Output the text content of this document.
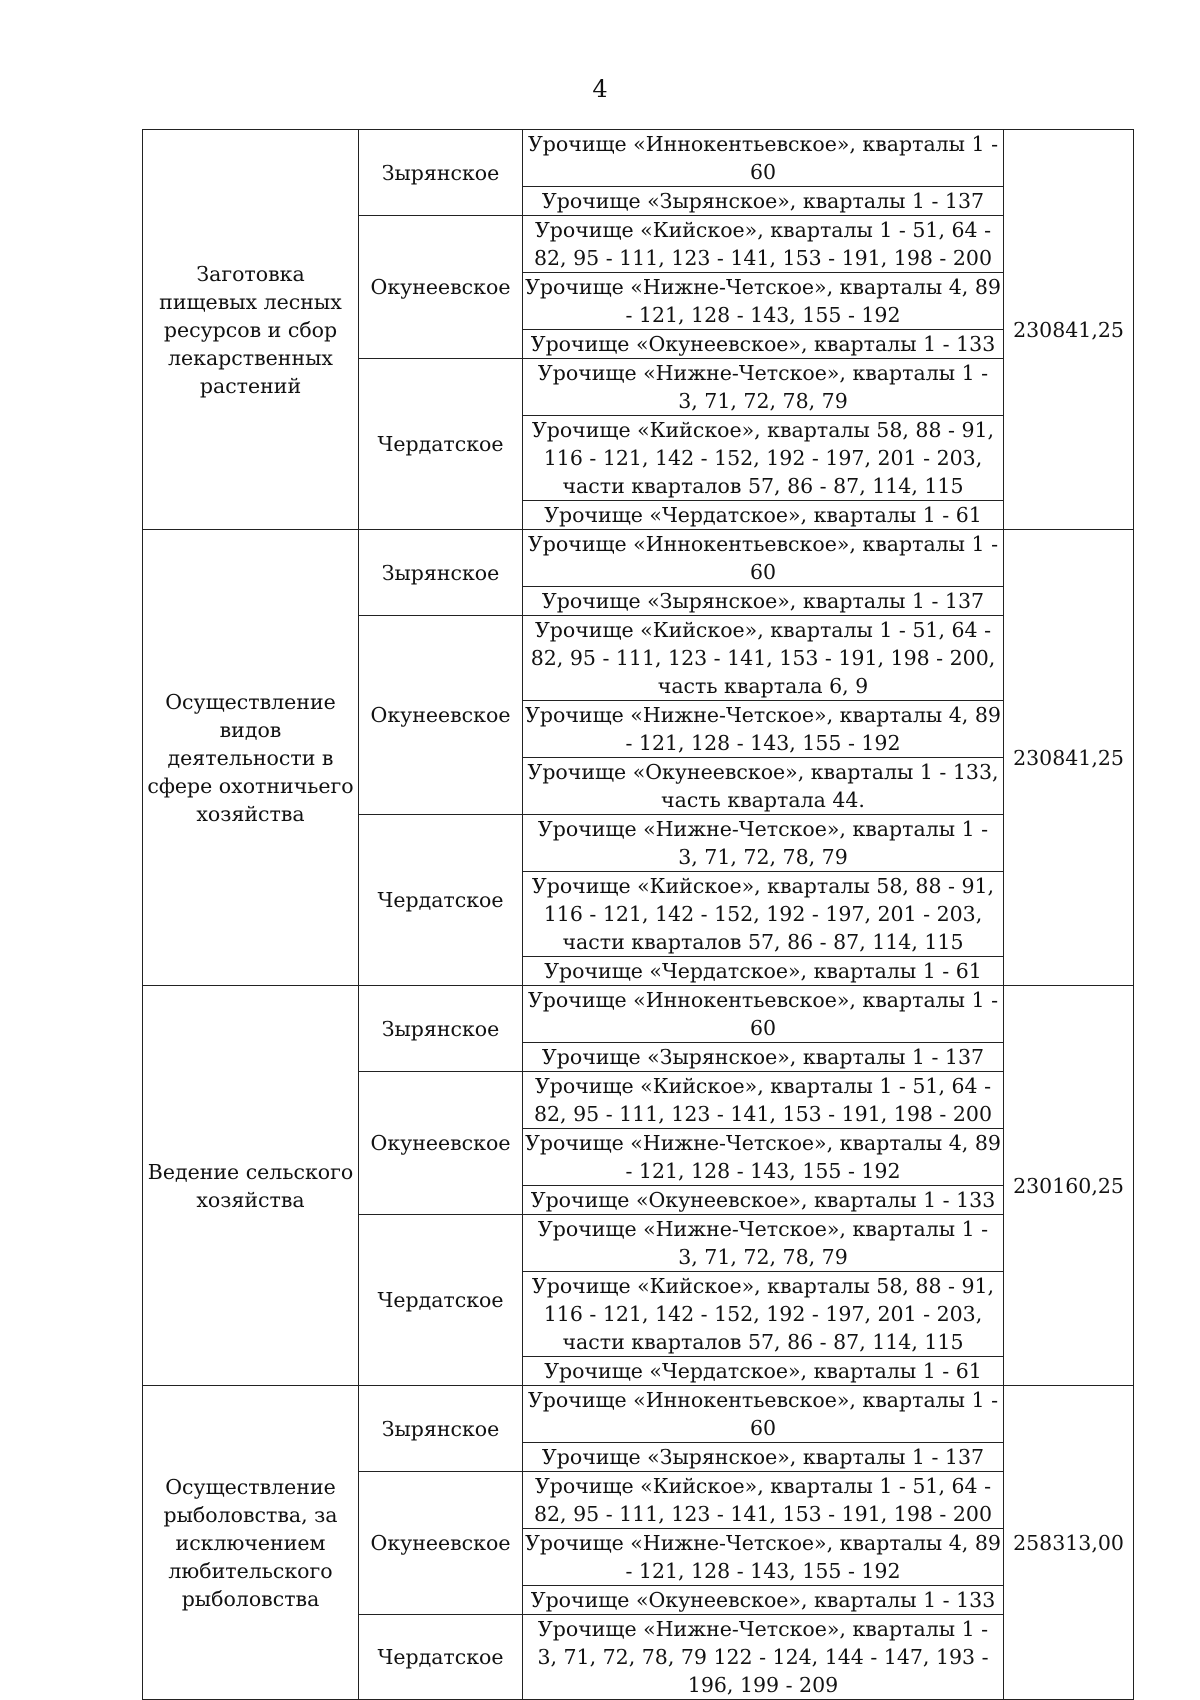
4
Заготовка пищевых лесных ресурсов и сбор лекарственных растений	Зырянское	Урочище «Иннокентьевское», кварталы 1 - 60	230841,25
		Урочище «Зырянское», кварталы 1 - 137	
	Окунеевское	Урочище «Кийское», кварталы 1 - 51, 64 - 82, 95 - 111, 123 - 141, 153 - 191, 198 - 200	
		Урочище «Нижне-Четское», кварталы 4, 89 - 121, 128 - 143, 155 - 192	
		Урочище «Окунеевское», кварталы 1 - 133	
	Чердатское	Урочище «Нижне-Четское», кварталы 1 - 3, 71, 72, 78, 79	
		Урочище «Кийское», кварталы 58, 88 - 91, 116 - 121, 142 - 152, 192 - 197, 201 - 203, части кварталов 57, 86 - 87, 114, 115	
		Урочище «Чердатское», кварталы 1 - 61	
Осуществление видов деятельности в сфере охотничьего хозяйства	Зырянское	Урочище «Иннокентьевское», кварталы 1 - 60	230841,25
		Урочище «Зырянское», кварталы 1 - 137	
	Окунеевское	Урочище «Кийское», кварталы 1 - 51, 64 - 82, 95 - 111, 123 - 141, 153 - 191, 198 - 200, часть квартала 6, 9	
		Урочище «Нижне-Четское», кварталы 4, 89 - 121, 128 - 143, 155 - 192	
		Урочище «Окунеевское», кварталы 1 - 133, часть квартала 44.	
	Чердатское	Урочище «Нижне-Четское», кварталы 1 - 3, 71, 72, 78, 79	
		Урочище «Кийское», кварталы 58, 88 - 91, 116 - 121, 142 - 152, 192 - 197, 201 - 203, части кварталов 57, 86 - 87, 114, 115	
		Урочище «Чердатское», кварталы 1 - 61	
Ведение сельского хозяйства	Зырянское	Урочище «Иннокентьевское», кварталы 1 - 60	230160,25
		Урочище «Зырянское», кварталы 1 - 137	
	Окунеевское	Урочище «Кийское», кварталы 1 - 51, 64 - 82, 95 - 111, 123 - 141, 153 - 191, 198 - 200	
		Урочище «Нижне-Четское», кварталы 4, 89 - 121, 128 - 143, 155 - 192	
		Урочище «Окунеевское», кварталы 1 - 133	
	Чердатское	Урочище «Нижне-Четское», кварталы 1 - 3, 71, 72, 78, 79	
		Урочище «Кийское», кварталы 58, 88 - 91, 116 - 121, 142 - 152, 192 - 197, 201 - 203, части кварталов 57, 86 - 87, 114, 115	
		Урочище «Чердатское», кварталы 1 - 61	
Осуществление рыболовства, за исключением любительского рыболовства	Зырянское	Урочище «Иннокентьевское», кварталы 1 - 60	258313,00
		Урочище «Зырянское», кварталы 1 - 137	
	Окунеевское	Урочище «Кийское», кварталы 1 - 51, 64 - 82, 95 - 111, 123 - 141, 153 - 191, 198 - 200	
		Урочище «Нижне-Четское», кварталы 4, 89 - 121, 128 - 143, 155 - 192	
		Урочище «Окунеевское», кварталы 1 - 133	
	Чердатское	Урочище «Нижне-Четское», кварталы 1 - 3, 71, 72, 78, 79 122 - 124, 144 - 147, 193 - 196, 199 - 209	
